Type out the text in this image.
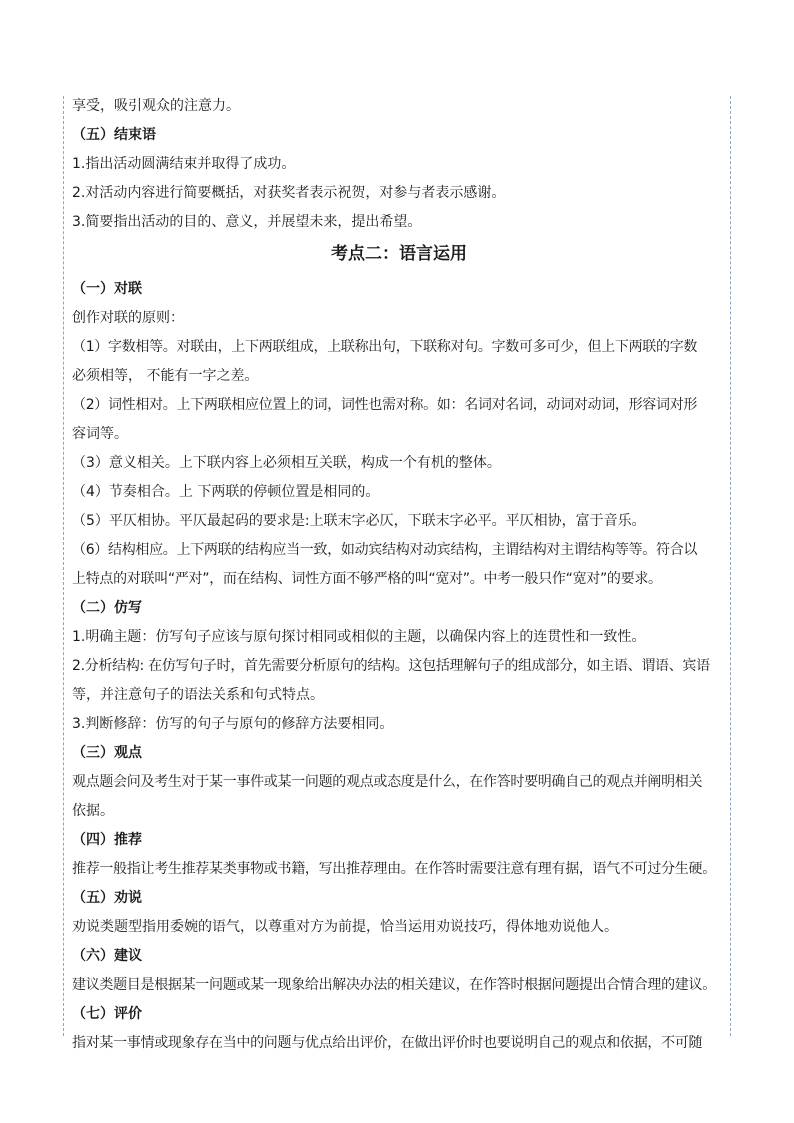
享受，吸引观众的注意力。

（五）结束语

1.指出活动圆满结束并取得了成功。

2.对活动内容进行简要概括，对获奖者表示祝贺，对参与者表示感谢。

3.简要指出活动的目的、意义，并展望未来，提出希望。

考点二：语言运用

（一）对联

创作对联的原则：

（1）字数相等。对联由，上下两联组成，上联称出句，下联称对句。字数可多可少，但上下两联的字数

必须相等， 不能有一字之差。

（2）词性相对。上下两联相应位置上的词，词性也需对称。如：名词对名词，动词对动词，形容词对形

容词等。

（3）意义相关。上下联内容上必须相互关联，构成一个有机的整体。

（4）节奏相合。上 下两联的停顿位置是相同的。

（5）平仄相协。平仄最起码的要求是:上联末字必仄，下联末字必平。平仄相协，富于音乐。

（6）结构相应。上下两联的结构应当一致，如动宾结构对动宾结构，主谓结构对主谓结构等等。符合以

上特点的对联叫“严对”，而在结构、词性方面不够严格的叫“宽对”。中考一般只作“宽对”的要求。

（二）仿写

1.明确主题：仿写句子应该与原句探讨相同或相似的主题，以确保内容上的连贯性和一致性。

2.分析结构: 在仿写句子时，首先需要分析原句的结构。这包括理解句子的组成部分，如主语、谓语、宾语

等，并注意句子的语法关系和句式特点。

3.判断修辞：仿写的句子与原句的修辞方法要相同。

（三）观点

观点题会问及考生对于某一事件或某一问题的观点或态度是什么，在作答时要明确自己的观点并阐明相关

依据。

（四）推荐

推荐一般指让考生推荐某类事物或书籍，写出推荐理由。在作答时需要注意有理有据，语气不可过分生硬。

（五）劝说

劝说类题型指用委婉的语气，以尊重对方为前提，恰当运用劝说技巧，得体地劝说他人。

（六）建议

建议类题目是根据某一问题或某一现象给出解决办法的相关建议，在作答时根据问题提出合情合理的建议。

（七）评价

指对某一事情或现象存在当中的问题与优点给出评价，在做出评价时也要说明自己的观点和依据，不可随
